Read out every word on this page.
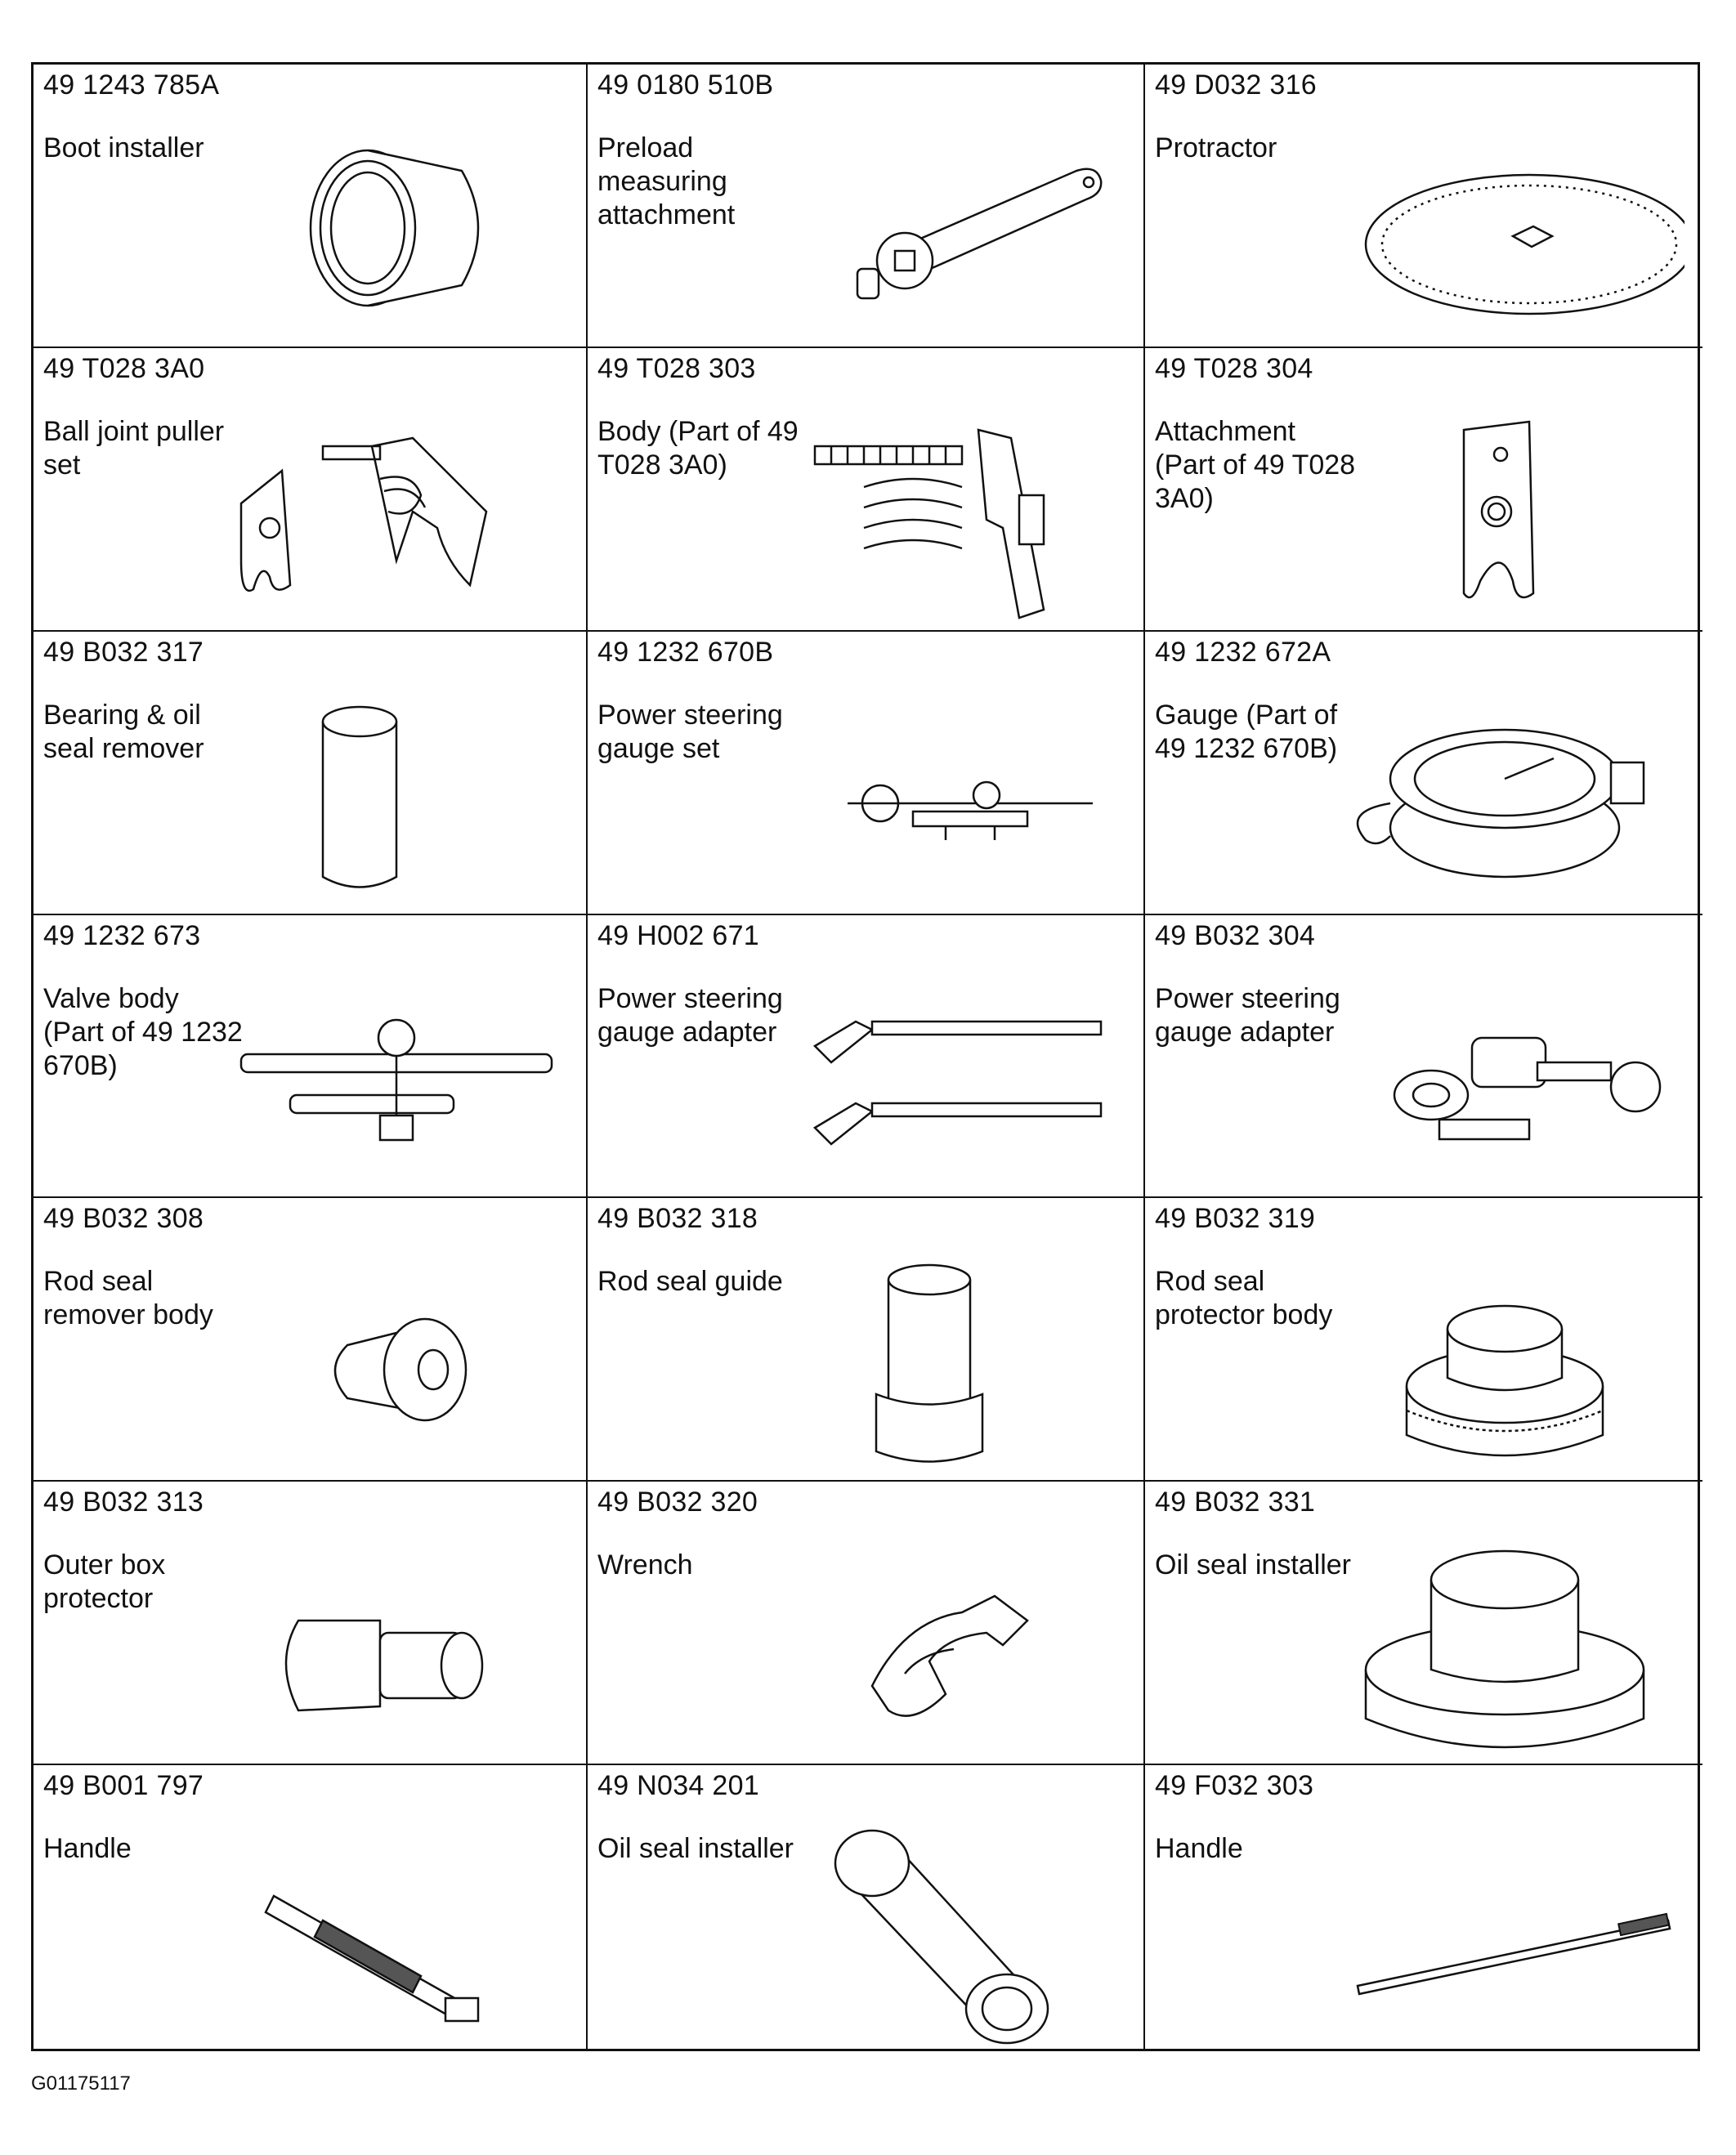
49 1243 785A
Boot installer
49 0180 510B
Preload
measuring
attachment
49 D032 316
Protractor
49 T028 3A0
Ball joint puller
set
49 T028 303
Body (Part of 49
T028 3A0)
49 T028 304
Attachment
(Part of 49 T028
3A0)
49 B032 317
Bearing & oil
seal remover
49 1232 670B
Power steering
gauge set
49 1232 672A
Gauge (Part of
49 1232 670B)
49 1232 673
Valve body
(Part of 49 1232
670B)
49 H002 671
Power steering
gauge adapter
49 B032 304
Power steering
gauge adapter
49 B032 308
Rod seal
remover body
49 B032 318
Rod seal guide
49 B032 319
Rod seal
protector body
49 B032 313
Outer box
protector
49 B032 320
Wrench
49 B032 331
Oil seal installer
49 B001 797
Handle
49 N034 201
Oil seal installer
49 F032 303
Handle
G01175117
